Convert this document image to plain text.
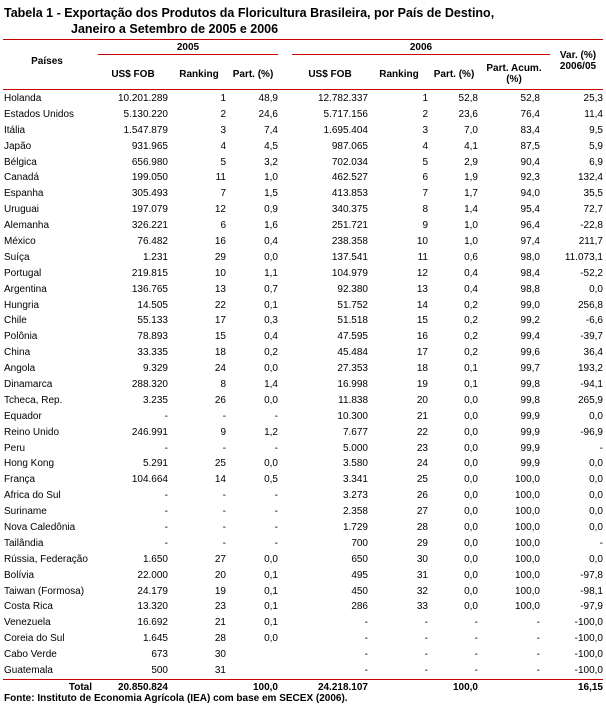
Tabela 1 - Exportação dos Produtos da Floricultura Brasileira, por País de Destino,
Janeiro a Setembro de 2005 e 2006
Países
2005
US$ FOB	Ranking	Part. (%)
2006
US$ FOB	Ranking	Part. (%)
Part. Acum.
(%)
Var. (%)
2006/05
Holanda	10.201.289	1	48,9	12.782.337	1	52,8	52,8	25,3
Estados Unidos	5.130.220	2	24,6	5.717.156	2	23,6	76,4	11,4
Itália	1.547.879	3	7,4	1.695.404	3	7,0	83,4	9,5
Japão	931.965	4	4,5	987.065	4	4,1	87,5	5,9
Bélgica	656.980	5	3,2	702.034	5	2,9	90,4	6,9
Canadá	199.050	11	1,0	462.527	6	1,9	92,3	132,4
Espanha	305.493	7	1,5	413.853	7	1,7	94,0	35,5
Uruguai	197.079	12	0,9	340.375	8	1,4	95,4	72,7
Alemanha	326.221	6	1,6	251.721	9	1,0	96,4	-22,8
México	76.482	16	0,4	238.358	10	1,0	97,4	211,7
Suíça	1.231	29	0,0	137.541	11	0,6	98,0	11.073,1
Portugal	219.815	10	1,1	104.979	12	0,4	98,4	-52,2
Argentina	136.765	13	0,7	92.380	13	0,4	98,8	0,0
Hungria	14.505	22	0,1	51.752	14	0,2	99,0	256,8
Chile	55.133	17	0,3	51.518	15	0,2	99,2	-6,6
Polônia	78.893	15	0,4	47.595	16	0,2	99,4	-39,7
China	33.335	18	0,2	45.484	17	0,2	99,6	36,4
Angola	9.329	24	0,0	27.353	18	0,1	99,7	193,2
Dinamarca	288.320	8	1,4	16.998	19	0,1	99,8	-94,1
Tcheca, Rep.	3.235	26	0,0	11.838	20	0,0	99,8	265,9
Equador	-	-	-	10.300	21	0,0	99,9	0,0
Reino Unido	246.991	9	1,2	7.677	22	0,0	99,9	-96,9
Peru	-	-	-	5.000	23	0,0	99,9	-
Hong Kong	5.291	25	0,0	3.580	24	0,0	99,9	0,0
França	104.664	14	0,5	3.341	25	0,0	100,0	0,0
Africa do Sul	-	-	-	3.273	26	0,0	100,0	0,0
Suriname	-	-	-	2.358	27	0,0	100,0	0,0
Nova Caledônia	-	-	-	1.729	28	0,0	100,0	0,0
Tailândia	-	-	-	700	29	0,0	100,0	-
Rússia, Federação	1.650	27	0,0	650	30	0,0	100,0	0,0
Bolívia	22.000	20	0,1	495	31	0,0	100,0	-97,8
Taiwan (Formosa)	24.179	19	0,1	450	32	0,0	100,0	-98,1
Costa Rica	13.320	23	0,1	286	33	0,0	100,0	-97,9
Venezuela	16.692	21	0,1	-	-	-	-	-100,0
Coreia do Sul	1.645	28	0,0	-	-	-	-	-100,0
Cabo Verde	673	30		-	-	-	-	-100,0
Guatemala	500	31		-	-	-	-	-100,0
Total	20.850.824		100,0	24.218.107		100,0		16,15
Fonte: Instituto de Economia Agrícola (IEA) com base em SECEX (2006).
